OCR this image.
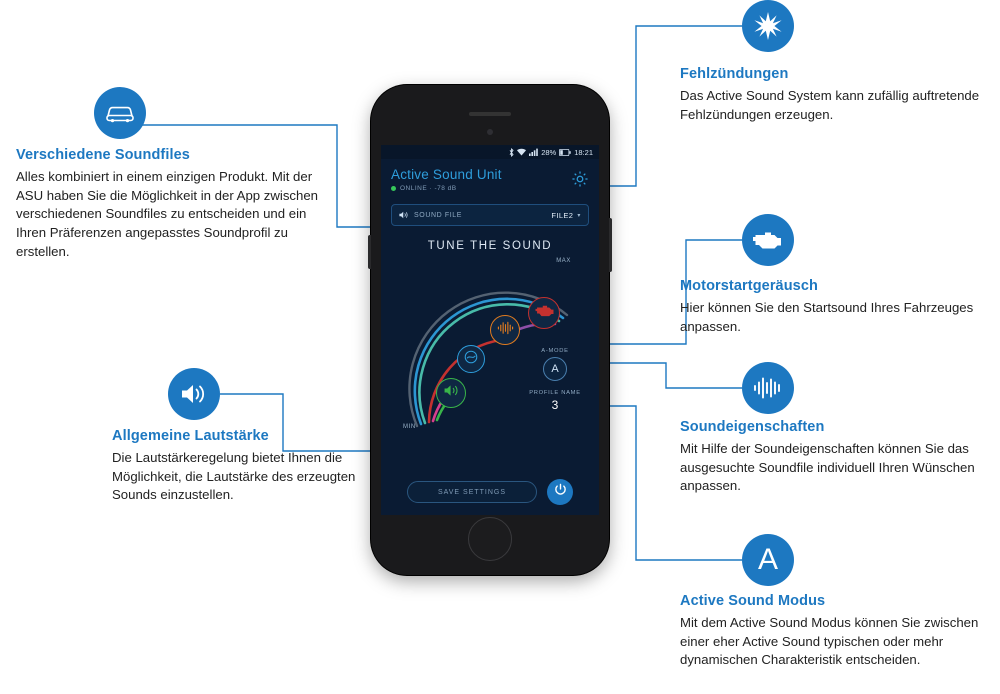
A
Verschiedene Soundfiles

Alles kombiniert in einem einzigen Produkt. Mit der ASU haben Sie die Möglichkeit in der App zwischen verschiedenen Soundfiles zu entscheiden und ein Ihren Präferenzen angepasstes Soundprofil zu erstellen.

Allgemeine Lautstärke

Die Lautstärkeregelung bietet Ihnen die Möglichkeit, die Lautstärke des erzeugten Sounds einzustellen.

Fehlzündungen

Das Active Sound System kann zufällig auftretende Fehlzündungen erzeugen.

Motorstartgeräusch

Hier können Sie den Startsound Ihres Fahrzeuges anpassen.

Soundeigenschaften

Mit Hilfe der Soundeigenschaften können Sie das ausgesuchte Soundfile individuell Ihren Wünschen anpassen.

Active Sound Modus

Mit dem Active Sound Modus können Sie zwischen einer eher Active Sound typischen oder mehr dynamischen Charakteristik entscheiden.

28% 18:21
Active Sound Unit
ONLINE · -78 dB
SOUND FILE	FILE2 ▾
TUNE THE SOUND
MAX
MIN
A-MODE
A
PROFILE NAME
3
SAVE SETTINGS
